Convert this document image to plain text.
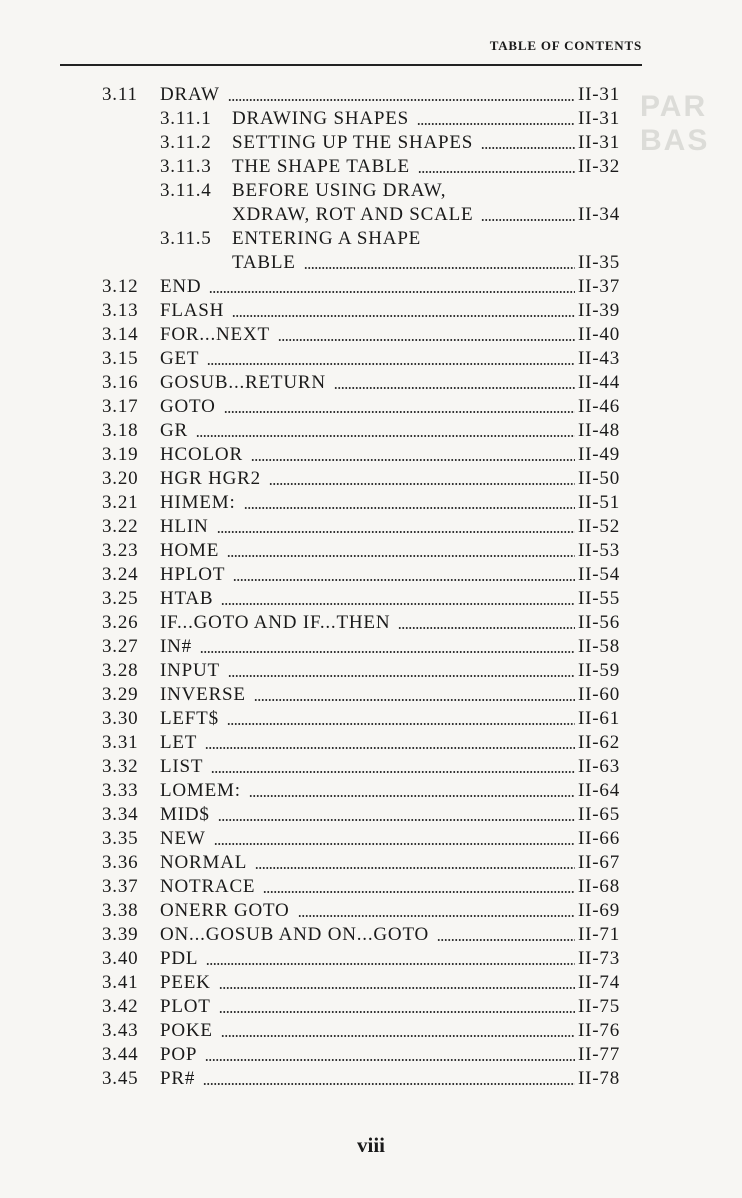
PAR
BAS
TABLE OF CONTENTS
3.11	DRAW	II-31
3.11.1	DRAWING SHAPES	II-31
3.11.2	SETTING UP THE SHAPES	II-31
3.11.3	THE SHAPE TABLE	II-32
3.11.4	BEFORE USING DRAW,
XDRAW, ROT AND SCALE	II-34
3.11.5	ENTERING A SHAPE
TABLE	II-35
3.12	END	II-37
3.13	FLASH	II-39
3.14	FOR...NEXT	II-40
3.15	GET	II-43
3.16	GOSUB...RETURN	II-44
3.17	GOTO	II-46
3.18	GR	II-48
3.19	HCOLOR	II-49
3.20	HGR HGR2	II-50
3.21	HIMEM:	II-51
3.22	HLIN	II-52
3.23	HOME	II-53
3.24	HPLOT	II-54
3.25	HTAB	II-55
3.26	IF...GOTO AND IF...THEN	II-56
3.27	IN#	II-58
3.28	INPUT	II-59
3.29	INVERSE	II-60
3.30	LEFT$	II-61
3.31	LET	II-62
3.32	LIST	II-63
3.33	LOMEM:	II-64
3.34	MID$	II-65
3.35	NEW	II-66
3.36	NORMAL	II-67
3.37	NOTRACE	II-68
3.38	ONERR GOTO	II-69
3.39	ON...GOSUB AND ON...GOTO	II-71
3.40	PDL	II-73
3.41	PEEK	II-74
3.42	PLOT	II-75
3.43	POKE	II-76
3.44	POP	II-77
3.45	PR#	II-78
viii
